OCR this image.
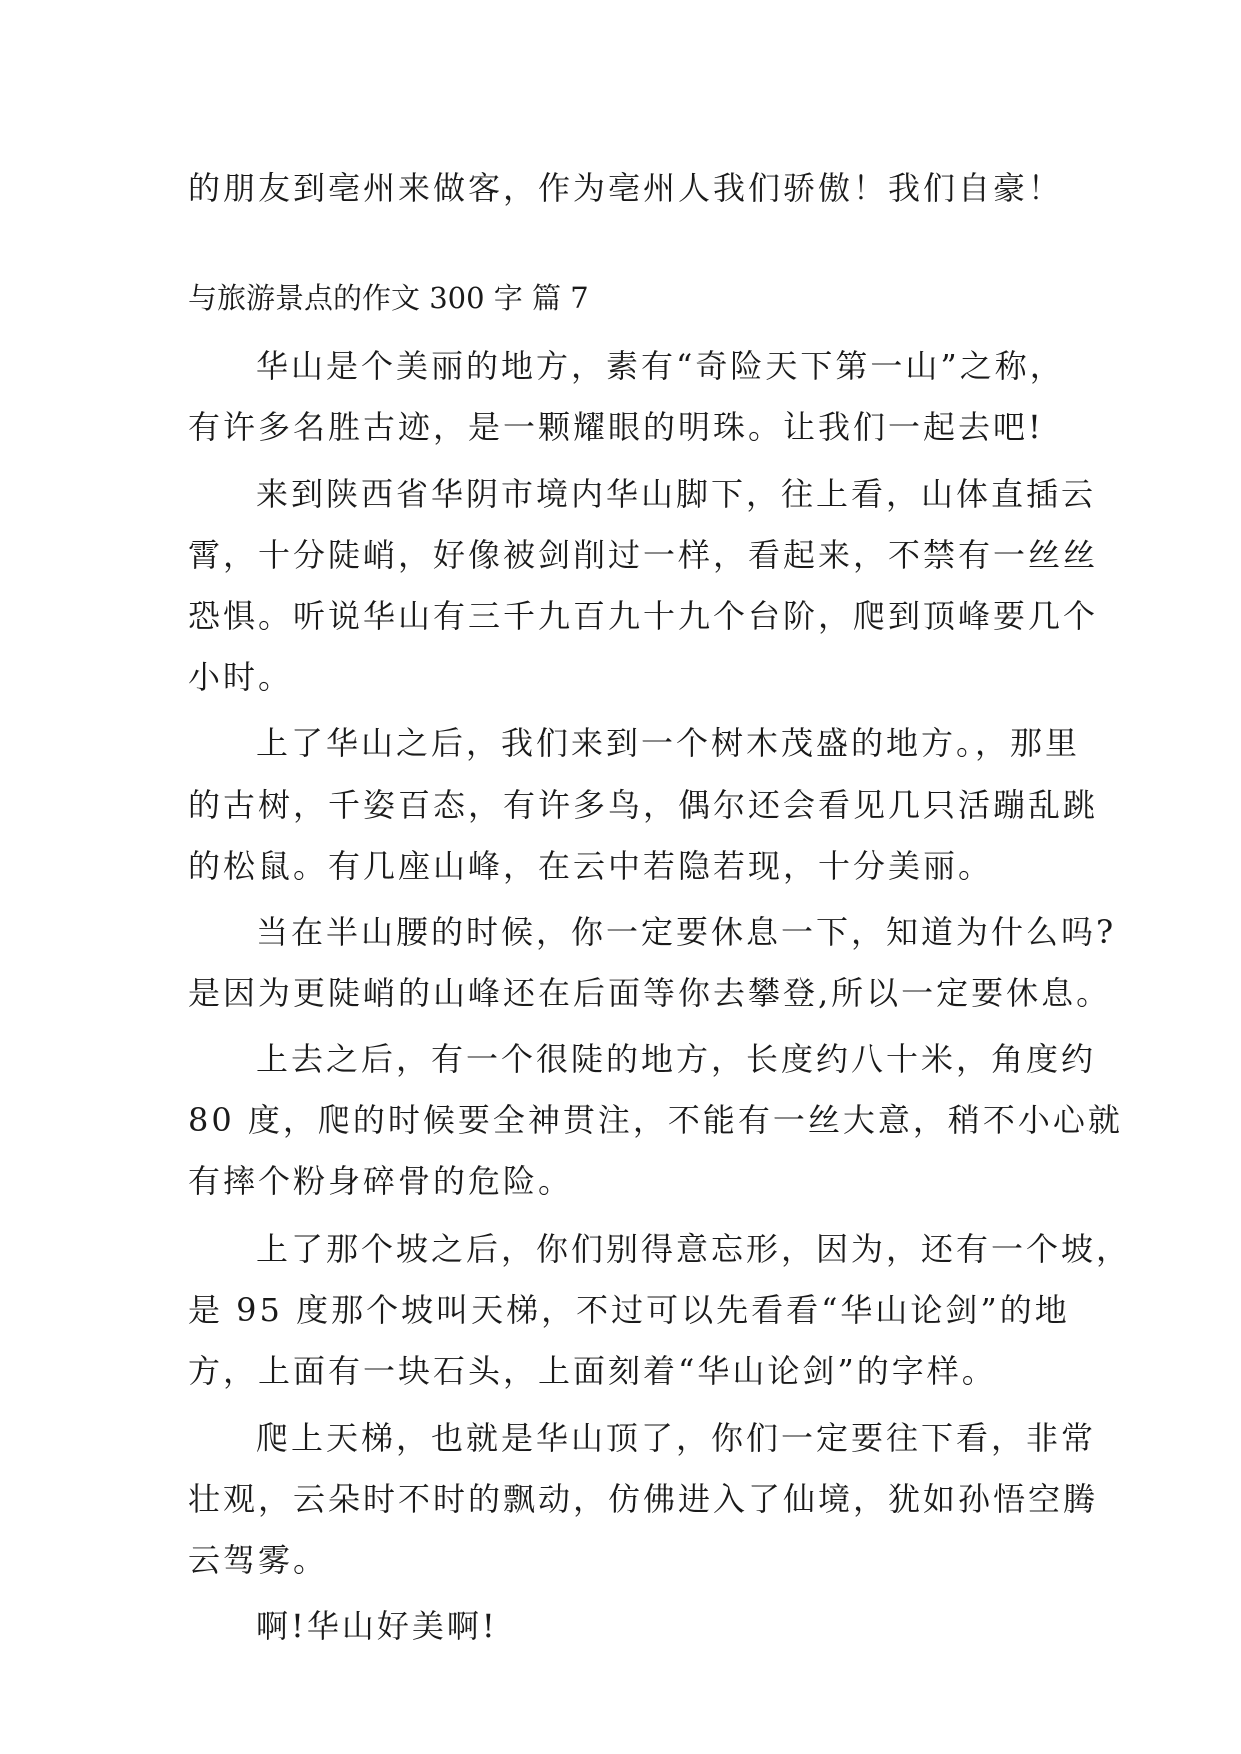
的朋友到亳州来做客，作为亳州人我们骄傲！我们自豪！
与旅游景点的作文 300 字 篇 7
华山是个美丽的地方，素有“奇险天下第一山”之称，
有许多名胜古迹，是一颗耀眼的明珠。让我们一起去吧!
来到陕西省华阴市境内华山脚下，往上看，山体直插云
霄，十分陡峭，好像被剑削过一样，看起来，不禁有一丝丝
恐惧。听说华山有三千九百九十九个台阶，爬到顶峰要几个
小时。
上了华山之后，我们来到一个树木茂盛的地方。，那里
的古树，千姿百态，有许多鸟，偶尔还会看见几只活蹦乱跳
的松鼠。有几座山峰，在云中若隐若现，十分美丽。
当在半山腰的时候，你一定要休息一下，知道为什么吗?
是因为更陡峭的山峰还在后面等你去攀登,所以一定要休息。
上去之后，有一个很陡的地方，长度约八十米，角度约
80 度，爬的时候要全神贯注，不能有一丝大意，稍不小心就
有摔个粉身碎骨的危险。
上了那个坡之后，你们别得意忘形，因为，还有一个坡，
是 95 度那个坡叫天梯，不过可以先看看“华山论剑”的地
方，上面有一块石头，上面刻着“华山论剑”的字样。
爬上天梯，也就是华山顶了，你们一定要往下看，非常
壮观，云朵时不时的飘动，仿佛进入了仙境，犹如孙悟空腾
云驾雾。
啊!华山好美啊!
